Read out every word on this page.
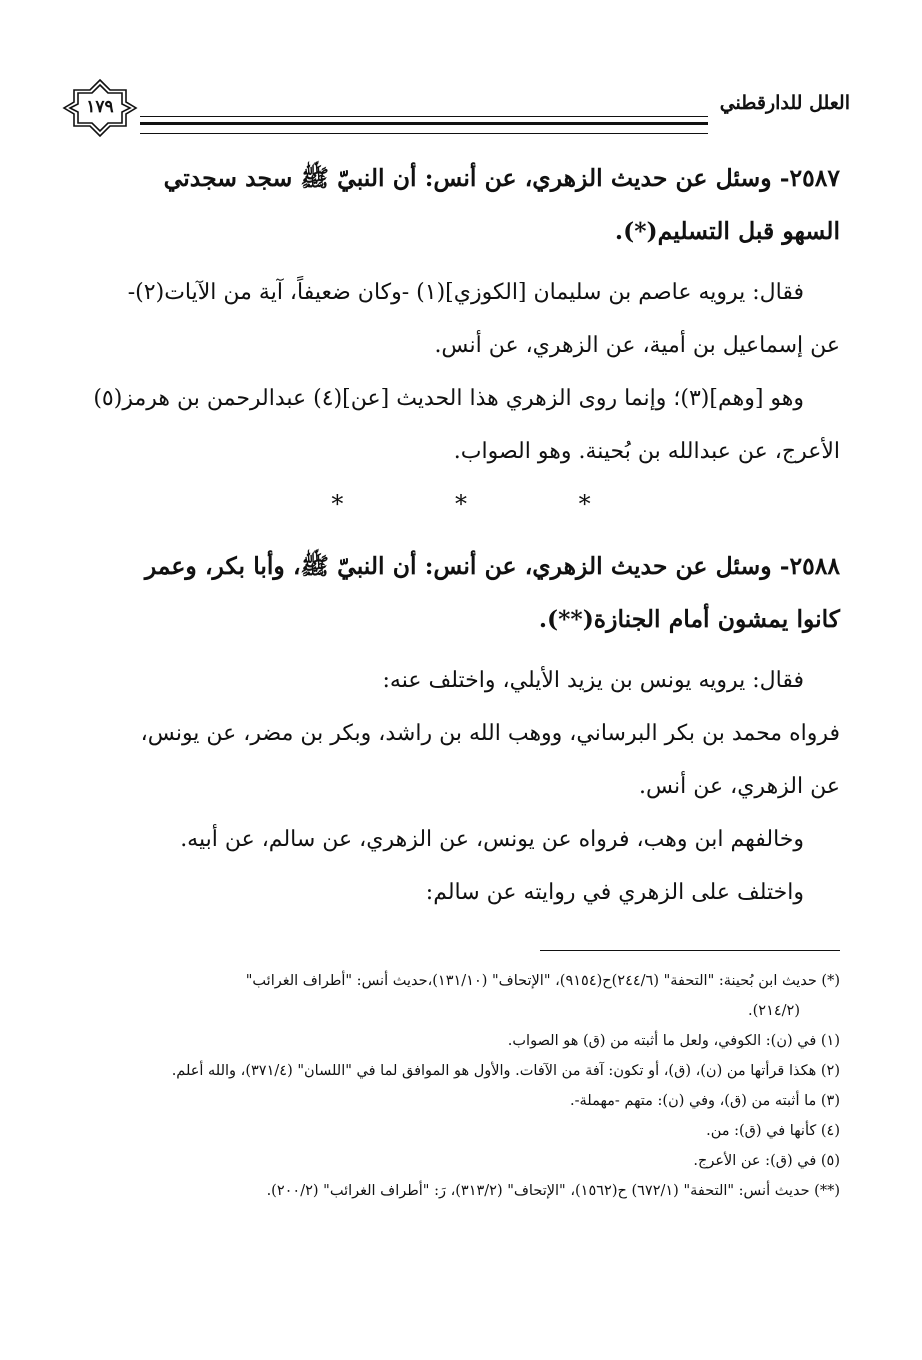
١٧٩	العلل للدارقطني
٢٥٨٧- وسئل عن حديث الزهري، عن أنس: أن النبيّ ﷺ سجد سجدتي
السهو قبل التسليم(*).
فقال: يرويه عاصم بن سليمان [الكوزي](١) -وكان ضعيفاً، آية من الآيات(٢)-
عن إسماعيل بن أمية، عن الزهري، عن أنس.
وهو [وهم](٣)؛ وإنما روى الزهري هذا الحديث [عن](٤) عبدالرحمن بن هرمز(٥)
الأعرج، عن عبدالله بن بُحينة. وهو الصواب.
* * *
٢٥٨٨- وسئل عن حديث الزهري، عن أنس: أن النبيّ ﷺ، وأبا بكر، وعمر
كانوا يمشون أمام الجنازة(**).
فقال: يرويه يونس بن يزيد الأيلي، واختلف عنه:
فرواه محمد بن بكر البرساني، ووهب الله بن راشد، وبكر بن مضر، عن يونس،
عن الزهري، عن أنس.
وخالفهم ابن وهب، فرواه عن يونس، عن الزهري، عن سالم، عن أبيه.
واختلف على الزهري في روايته عن سالم:

(*) حديث ابن بُحينة: "التحفة" (٢٤٤/٦)ح(٩١٥٤)، "الإتحاف" (١٣١/١٠)،حديث أنس: "أطراف الغرائب"

(٢١٤/٢).

(١) في (ن): الكوفي، ولعل ما أثبته من (ق) هو الصواب.

(٢) هكذا قرأتها من (ن)، (ق)، أو تكون: آفة من الآفات. والأول هو الموافق لما في "اللسان" (٣٧١/٤)، والله أعلم.

(٣) ما أثبته من (ق)، وفي (ن): متهم -مهملة-.

(٤) كأنها في (ق): من.

(٥) في (ق): عن الأعرج.

(**) حديث أنس: "التحفة" (٦٧٢/١) ح(١٥٦٢)، "الإتحاف" (٣١٣/٢)، رَ: "أطراف الغرائب" (٢٠٠/٢).
